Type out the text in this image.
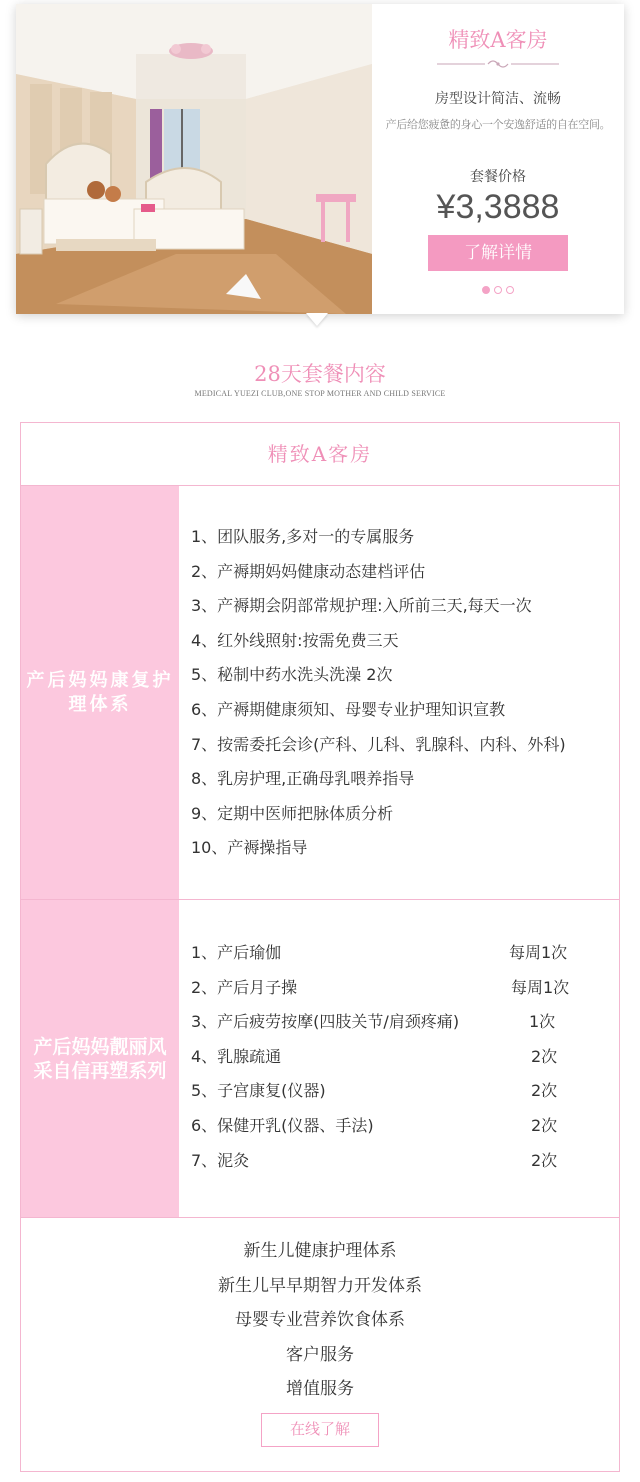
精致A客房
房型设计简洁、流畅
产后给您疲惫的身心一个安逸舒适的自在空间。
套餐价格
¥3,3888
了解详情

28天套餐内容
MEDICAL YUEZI CLUB,ONE STOP MOTHER AND CHILD SERVICE
精致A客房
产后妈妈康复护理体系
1、团队服务,多对一的专属服务
2、产褥期妈妈健康动态建档评估
3、产褥期会阴部常规护理:入所前三天,每天一次
4、红外线照射:按需免费三天
5、秘制中药水洗头洗澡 2次
6、产褥期健康须知、母婴专业护理知识宣教
7、按需委托会诊(产科、儿科、乳腺科、内科、外科)
8、乳房护理,正确母乳喂养指导
9、定期中医师把脉体质分析
10、产褥操指导
产后妈妈靓丽风采自信再塑系列
1、产后瑜伽	每周1次
2、产后月子操	每周1次
3、产后疲劳按摩(四肢关节/肩颈疼痛)	1次
4、乳腺疏通	2次
5、子宫康复(仪器)	2次
6、保健开乳(仪器、手法)	2次
7、泥灸	2次
新生儿健康护理体系
新生儿早早期智力开发体系
母婴专业营养饮食体系
客户服务
增值服务
在线了解
